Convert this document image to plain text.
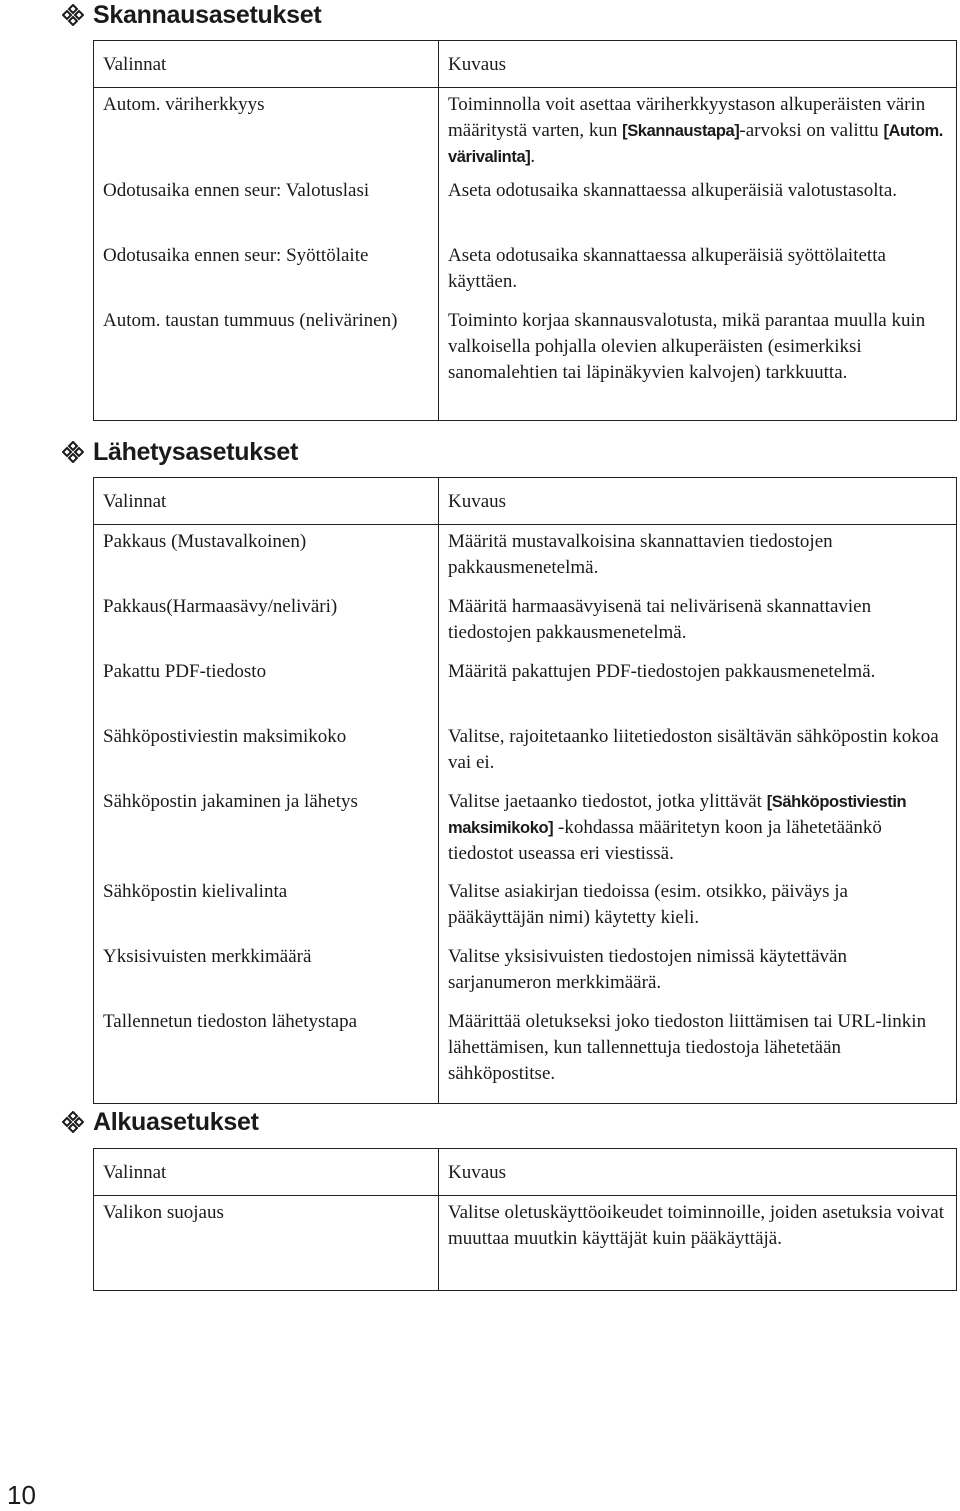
Skannausasetukset
Valinnat	Kuvaus
Autom. väriherkkyys	Toiminnolla voit asettaa väriherkkyystason alkuperäisten värin määritystä varten, kun [Skannaustapa]-arvoksi on valittu [Autom. värivalinta].
Odotusaika ennen seur: Valotuslasi	Aseta odotusaika skannattaessa alkuperäisiä valotustasolta.
Odotusaika ennen seur: Syöttölaite	Aseta odotusaika skannattaessa alkuperäisiä syöttölaitetta käyttäen.
Autom. taustan tummuus (nelivärinen)	Toiminto korjaa skannausvalotusta, mikä parantaa muulla kuin valkoisella pohjalla olevien alkuperäisten (esimerkiksi sanomalehtien tai läpinäkyvien kalvojen) tarkkuutta.
Lähetysasetukset
Valinnat	Kuvaus
Pakkaus (Mustavalkoinen)	Määritä mustavalkoisina skannattavien tiedostojen pakkausmenetelmä.
Pakkaus(Harmaasävy/neliväri)	Määritä harmaasävyisenä tai nelivärisenä skannattavien tiedostojen pakkausmenetelmä.
Pakattu PDF-tiedosto	Määritä pakattujen PDF-tiedostojen pakkausmenetelmä.
Sähköpostiviestin maksimikoko	Valitse, rajoitetaanko liitetiedoston sisältävän sähköpostin kokoa vai ei.
Sähköpostin jakaminen ja lähetys	Valitse jaetaanko tiedostot, jotka ylittävät [Sähköpostiviestin maksimikoko] -kohdassa määritetyn koon ja lähetetäänkö tiedostot useassa eri viestissä.
Sähköpostin kielivalinta	Valitse asiakirjan tiedoissa (esim. otsikko, päiväys ja pääkäyttäjän nimi) käytetty kieli.
Yksisivuisten merkkimäärä	Valitse yksisivuisten tiedostojen nimissä käytettävän sarjanumeron merkkimäärä.
Tallennetun tiedoston lähetystapa	Määrittää oletukseksi joko tiedoston liittämisen tai URL-linkin lähettämisen, kun tallennettuja tiedostoja lähetetään sähköpostitse.
Alkuasetukset
Valinnat	Kuvaus
Valikon suojaus	Valitse oletuskäyttöoikeudet toiminnoille, joiden asetuksia voivat muuttaa muutkin käyttäjät kuin pääkäyttäjä.
10
